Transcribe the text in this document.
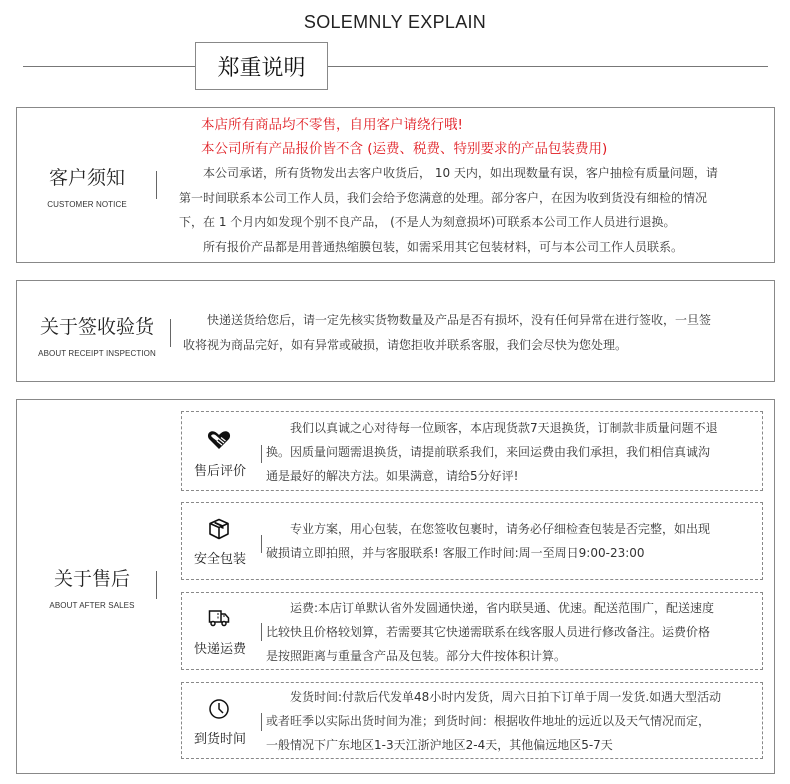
SOLEMNLY EXPLAIN
郑重说明
客户须知
CUSTOMER NOTICE

本店所有商品均不零售，自用客户请绕行哦!

本公司所有产品报价皆不含 (运费、税费、特别要求的产品包装费用)

　　本公司承诺，所有货物发出去客户收货后， 10 天内，如出现数量有误，客户抽检有质量问题，请

第一时间联系本公司工作人员，我们会给予您满意的处理。部分客户，在因为收到货没有细检的情况

下，在 1 个月内如发现个别不良产品， (不是人为刻意损坏)可联系本公司工作人员进行退换。

　　所有报价产品都是用普通热缩膜包装，如需采用其它包装材料，可与本公司工作人员联系。

关于签收验货
ABOUT RECEIPT INSPECTION

　　快递送货给您后，请一定先核实货物数量及产品是否有损坏，没有任何异常在进行签收，一旦签

收将视为商品完好，如有异常或破损，请您拒收并联系客服，我们会尽快为您处理。

关于售后
ABOUT AFTER SALES
售后评价

　　我们以真诚之心对待每一位顾客，本店现货款7天退换货，订制款非质量问题不退

换。因质量问题需退换货，请提前联系我们，来回运费由我们承担，我们相信真诚沟

通是最好的解决方法。如果满意，请给5分好评!

安全包装

　　专业方案，用心包装，在您签收包裹时，请务必仔细检查包装是否完整，如出现

破损请立即拍照，并与客服联系! 客服工作时间:周一至周日9:00-23:00

快递运费

　　运费:本店订单默认省外发圆通快递，省内联昊通、优速。配送范围广，配送速度

比较快且价格较划算，若需要其它快递需联系在线客服人员进行修改备注。运费价格

是按照距离与重量含产品及包装。部分大件按体积计算。

到货时间

　　发货时间:付款后代发单48小时内发货，周六日拍下订单于周一发货.如遇大型活动

或者旺季以实际出货时间为准；到货时间：根据收件地址的远近以及天气情况而定，

一般情况下广东地区1-3天江浙沪地区2-4天，其他偏远地区5-7天
